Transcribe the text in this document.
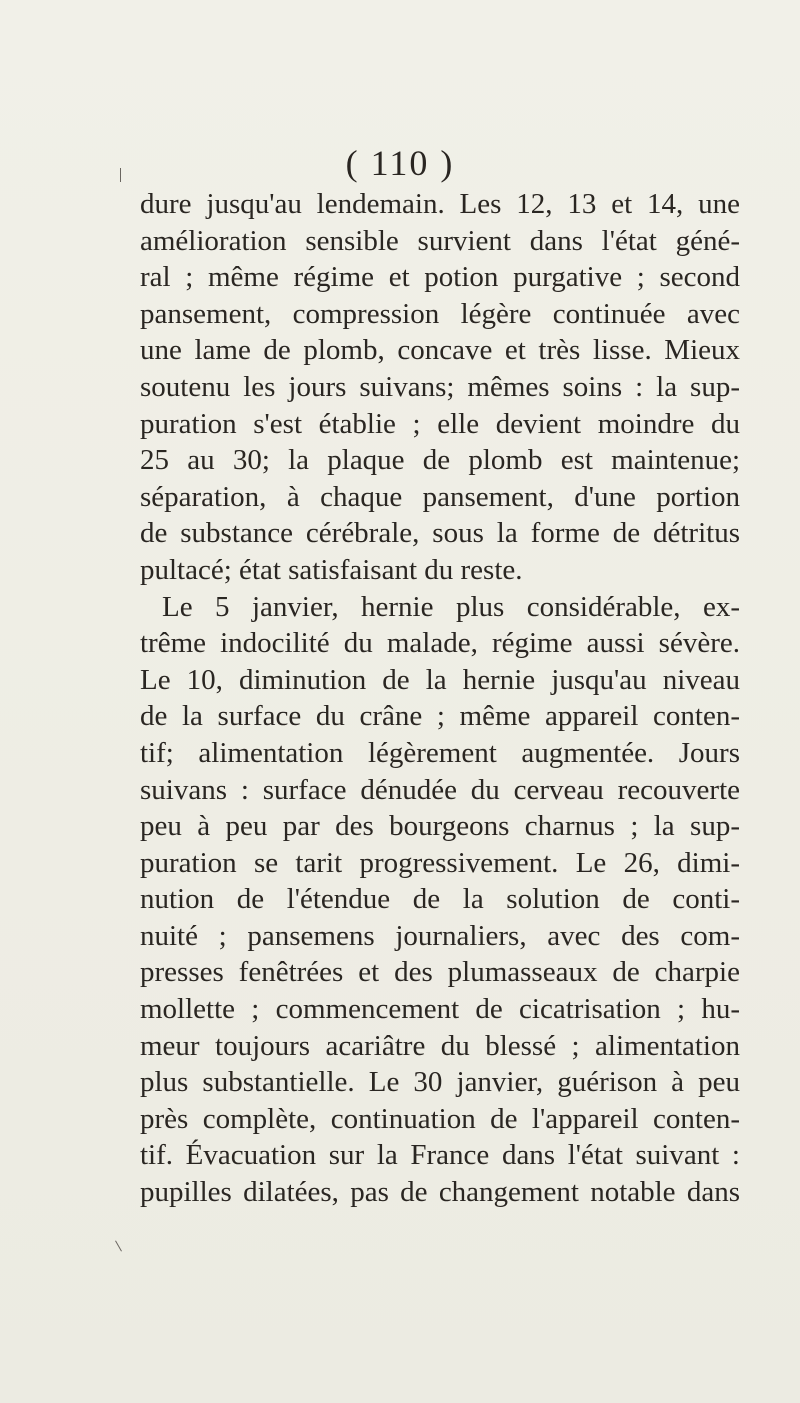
( 110 )
dure jusqu'au lendemain. Les 12, 13 et 14, une
amélioration sensible survient dans l'état géné-
ral ; même régime et potion purgative ; second
pansement, compression légère continuée avec
une lame de plomb, concave et très lisse. Mieux
soutenu les jours suivans; mêmes soins : la sup-
puration s'est établie ; elle devient moindre du
25 au 30; la plaque de plomb est maintenue;
séparation, à chaque pansement, d'une portion
de substance cérébrale, sous la forme de détritus
pultacé; état satisfaisant du reste.
Le 5 janvier, hernie plus considérable, ex-
trême indocilité du malade, régime aussi sévère.
Le 10, diminution de la hernie jusqu'au niveau
de la surface du crâne ; même appareil conten-
tif; alimentation légèrement augmentée. Jours
suivans : surface dénudée du cerveau recouverte
peu à peu par des bourgeons charnus ; la sup-
puration se tarit progressivement. Le 26, dimi-
nution de l'étendue de la solution de conti-
nuité ; pansemens journaliers, avec des com-
presses fenêtrées et des plumasseaux de charpie
mollette ; commencement de cicatrisation ; hu-
meur toujours acariâtre du blessé ; alimentation
plus substantielle. Le 30 janvier, guérison à peu
près complète, continuation de l'appareil conten-
tif. Évacuation sur la France dans l'état suivant :
pupilles dilatées, pas de changement notable dans
